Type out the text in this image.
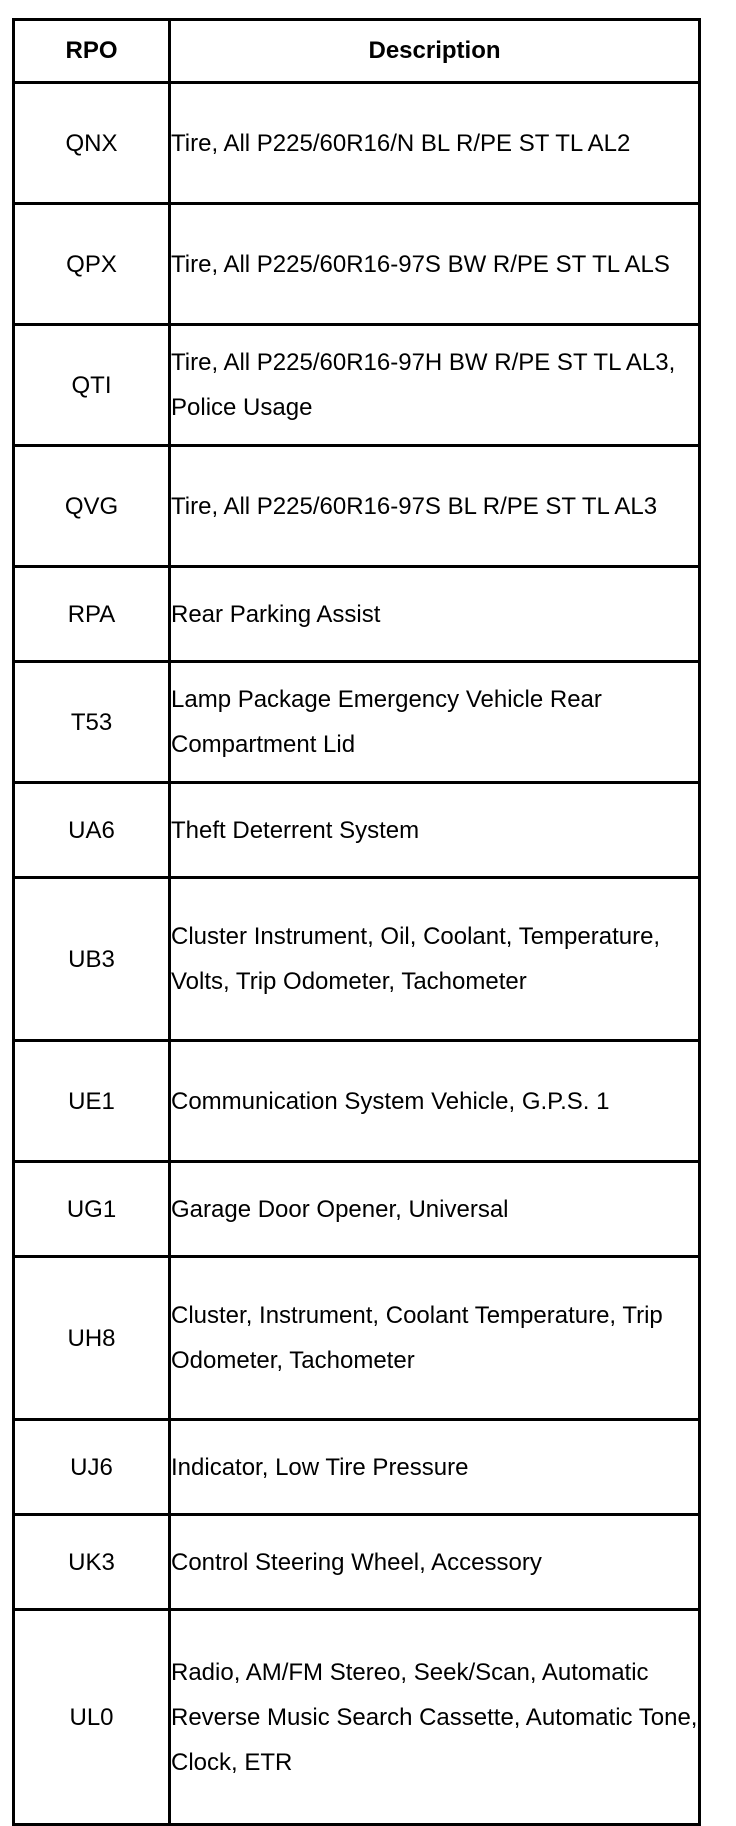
RPO	Description
QNX	Tire, All P225/60R16/N BL R/PE ST TL AL2
QPX	Tire, All P225/60R16-97S BW R/PE ST TL ALS
QTI	Tire, All P225/60R16-97H BW R/PE ST TL AL3, Police Usage
QVG	Tire, All P225/60R16-97S BL R/PE ST TL AL3
RPA	Rear Parking Assist
T53	Lamp Package Emergency Vehicle Rear Compartment Lid
UA6	Theft Deterrent System
UB3	Cluster Instrument, Oil, Coolant, Temperature, Volts, Trip Odometer, Tachometer
UE1	Communication System Vehicle, G.P.S. 1
UG1	Garage Door Opener, Universal
UH8	Cluster, Instrument, Coolant Temperature, Trip Odometer, Tachometer
UJ6	Indicator, Low Tire Pressure
UK3	Control Steering Wheel, Accessory
UL0	Radio, AM/FM Stereo, Seek/Scan, Automatic Reverse Music Search Cassette, Automatic Tone, Clock, ETR
